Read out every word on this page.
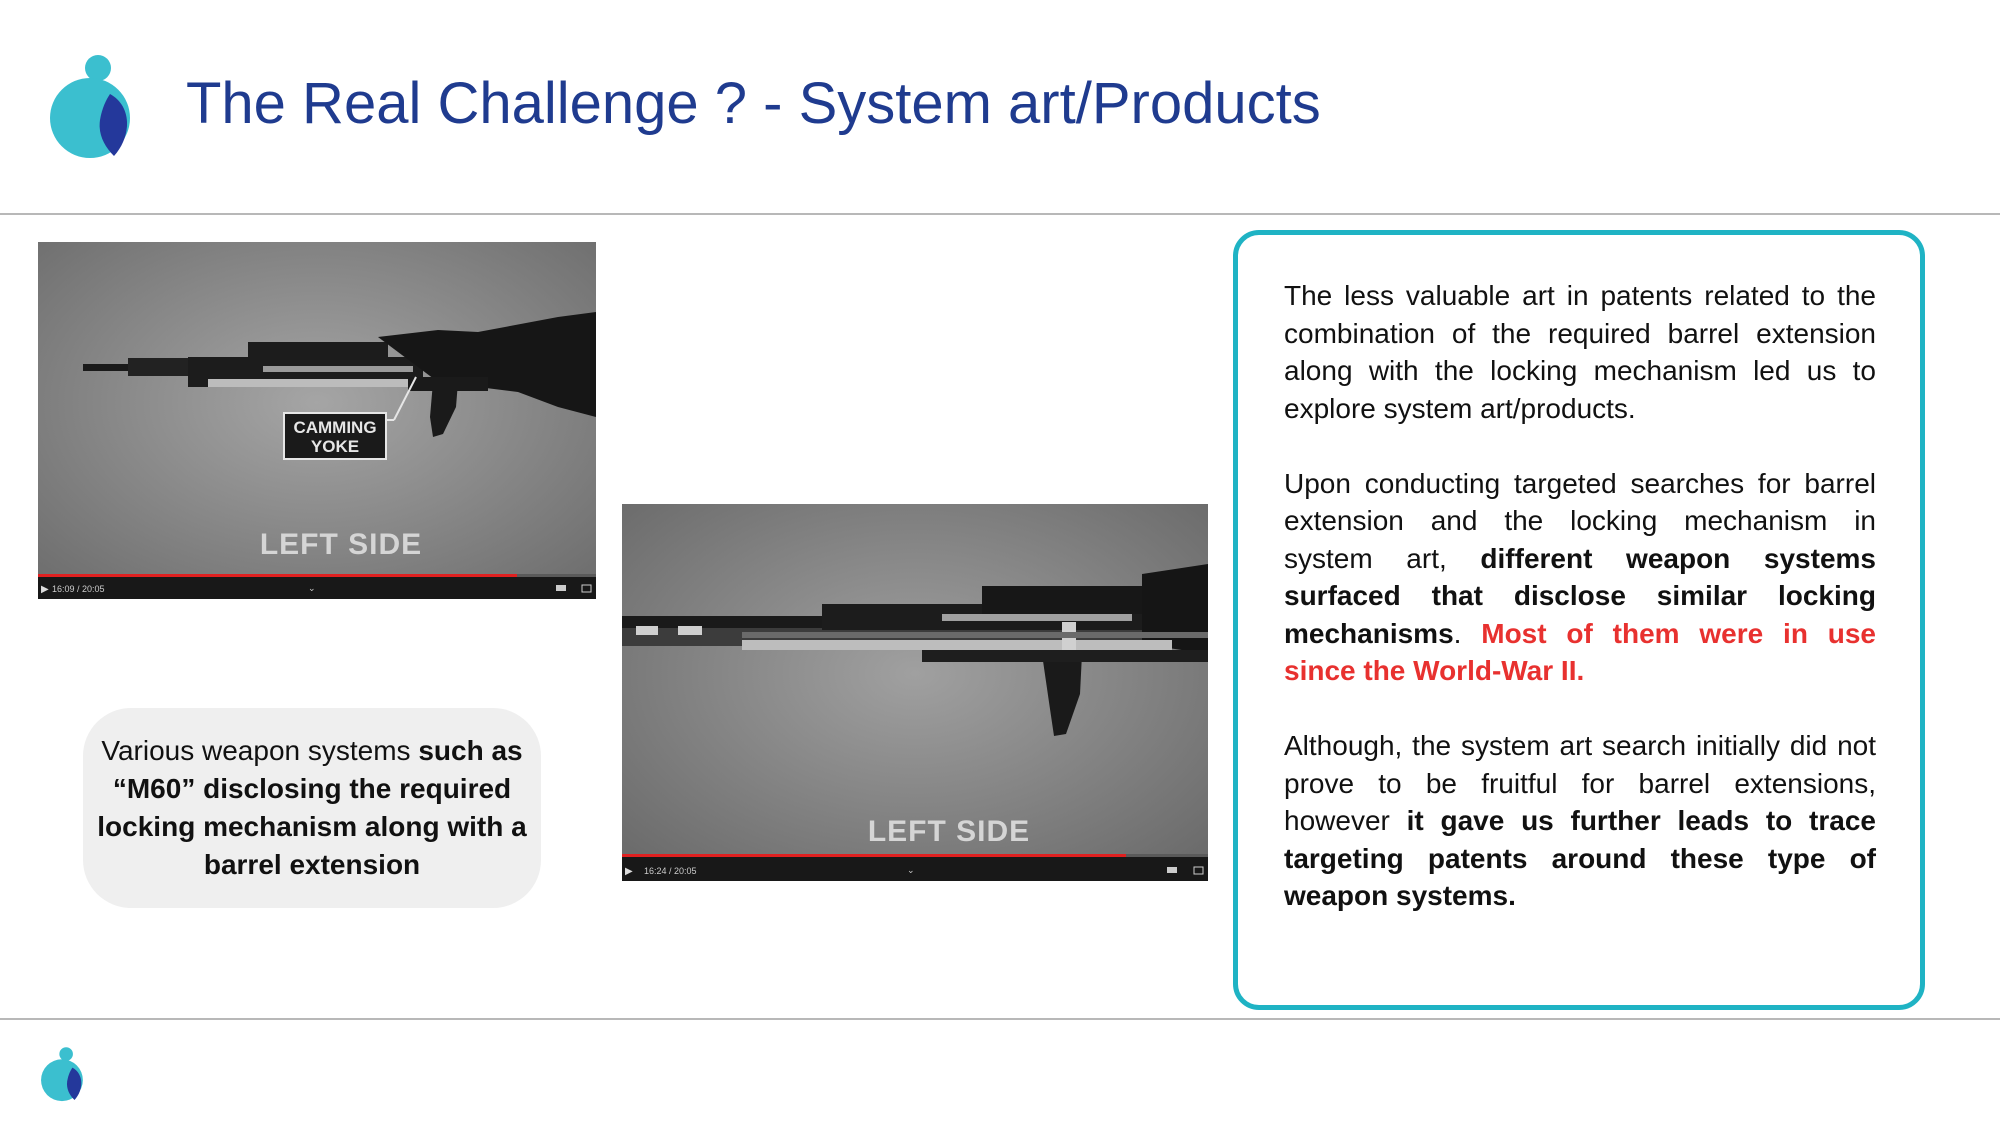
The Real Challenge ? - System art/Products
CAMMING
YOKE
LEFT SIDE
▶ 16:09 / 20:05	⌄
LEFT SIDE
▶ 16:24 / 20:05	⌄
Various weapon systems such as “M60” disclosing the required locking mechanism along with a barrel extension

The less valuable art in patents related to the combination of the required barrel extension along with the locking mechanism led us to explore system art/products.

Upon conducting targeted searches for barrel extension and the locking mechanism in system art, different weapon systems surfaced that disclose similar locking mechanisms. Most of them were in use since the World-War II.

Although, the system art search initially did not prove to be fruitful for barrel extensions, however it gave us further leads to trace targeting patents around these type of weapon systems.
